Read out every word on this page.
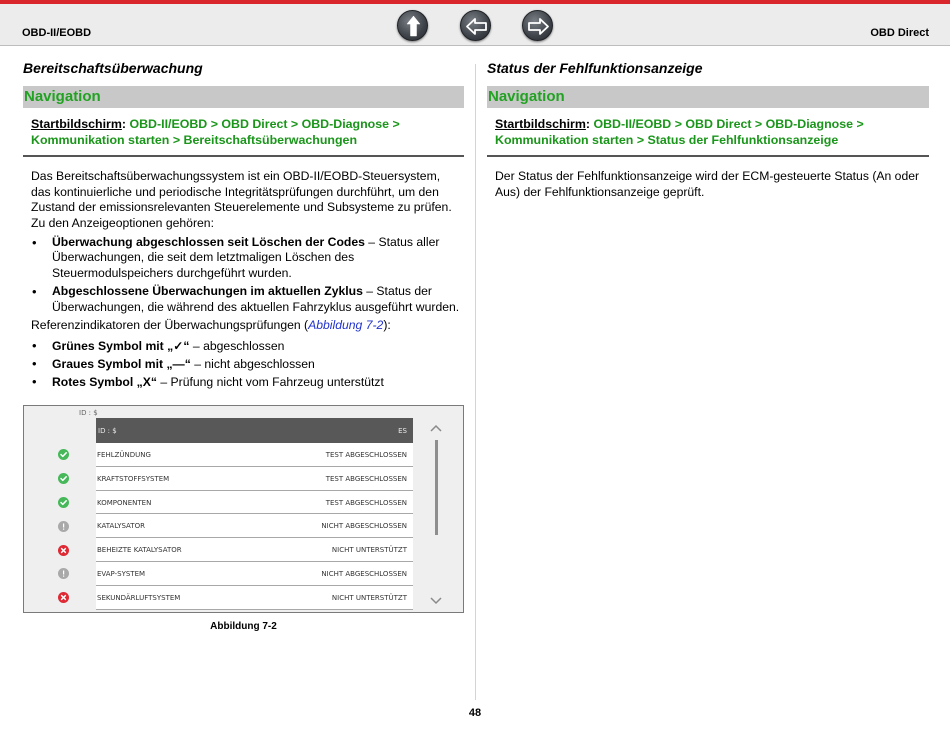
OBD-II/EOBD	OBD Direct
Bereitschaftsüberwachung
Navigation
Startbildschirm: OBD-II/EOBD > OBD Direct > OBD-Diagnose >
Kommunikation starten > Bereitschaftsüberwachungen
Das Bereitschaftsüberwachungssystem ist ein OBD-II/EOBD-Steuersystem, das kontinuierliche und periodische Integritätsprüfungen durchführt, um den Zustand der emissionsrelevanten Steuerelemente und Subsysteme zu prüfen. Zu den Anzeigeoptionen gehören:
• Überwachung abgeschlossen seit Löschen der Codes – Status aller Überwachungen, die seit dem letztmaligen Löschen des Steuermodulspeichers durchgeführt wurden.
• Abgeschlossene Überwachungen im aktuellen Zyklus – Status der Überwachungen, die während des aktuellen Fahrzyklus ausgeführt wurden.
Referenzindikatoren der Überwachungsprüfungen (Abbildung 7-2):
• Grünes Symbol mit „✓“ – abgeschlossen
• Graues Symbol mit „—“ – nicht abgeschlossen
• Rotes Symbol „X“ – Prüfung nicht vom Fahrzeug unterstützt
ID : $
ID : $	ES
FEHLZÜNDUNG	TEST ABGESCHLOSSEN
KRAFTSTOFFSYSTEM	TEST ABGESCHLOSSEN
KOMPONENTEN	TEST ABGESCHLOSSEN
KATALYSATOR	NICHT ABGESCHLOSSEN
BEHEIZTE KATALYSATOR	NICHT UNTERSTÜTZT
EVAP-SYSTEM	NICHT ABGESCHLOSSEN
SEKUNDÄRLUFTSYSTEM	NICHT UNTERSTÜTZT
Abbildung 7-2
Status der Fehlfunktionsanzeige
Navigation
Startbildschirm: OBD-II/EOBD > OBD Direct > OBD-Diagnose >
Kommunikation starten > Status der Fehlfunktionsanzeige
Der Status der Fehlfunktionsanzeige wird der ECM-gesteuerte Status (An oder Aus) der Fehlfunktionsanzeige geprüft.
48
